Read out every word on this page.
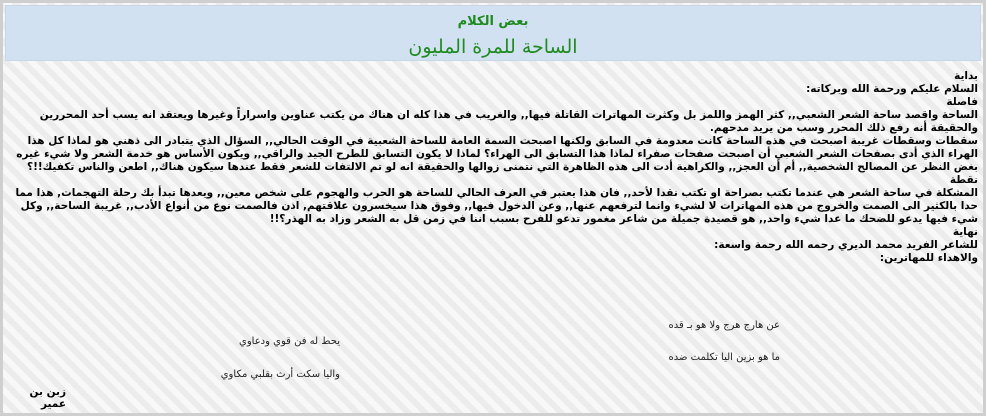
بعض الكلام
الساحة للمرة المليون

بداية

السلام عليكم ورحمة الله وبركاته:

فاصلة

الساحة واقصد ساحة الشعر الشعبي,, كثر الهمز واللمز بل وكثرت المهاترات القاتلة فيها,, والغريب في هذا كله ان هناك من يكتب عناوين واسراراً وغيرها ويعتقد انه يسب أحد المحررين والحقيقة أنه رفع ذلك المحرر وسب من يريد مدحهم.

سقطات وسقطات غريبة اصبحت في هذه الساحة كانت معدومة في السابق ولكنها اصبحت السمة العامة للساحة الشعبية في الوقت الحالي,, السؤال الذي يتبادر الى ذهني هو لماذا كل هذا الهراء الذي أدى بصفحات الشعر الشعبي أن اصبحت صفحات صفراء لماذا هذا التسابق الى الهراء؟ لماذا لا يكون التسابق للطرح الجيد والراقي,, ويكون الأساس هو خدمة الشعر ولا شيء غيره بغض النظر عن المصالح الشخصية,, أم أن العجز,, والكراهية أدت الى هذه الظاهرة التي نتمنى زوالها والحقيقة انه لو تم الالتفات للشعر فقط عندها سيكون هناك,, اطعن والناس تكفيك!!؟

نقطة

المشكلة في ساحة الشعر هي عندما تكتب بصراحة او تكتب نقدا لأحد,, فان هذا يعتبر في العرف الحالي للساحة هو الحرب والهجوم على شخص معين,, ويعدها تبدأ بك رحلة التهجمات, هذا مما حدا بالكثير الى الصمت والخروج من هذه المهاترات لا لشيء وانما لترفعهم عنها,, وعن الدخول فيها,, وفوق هذا سيخسرون علاقتهم, اذن فالصمت نوع من أنواع الأدب,, غريبة الساحة,, وكل شيء فيها يدعو للضحك ما عدا شيء واحد,, هو قصيدة جميلة من شاعر مغمور تدعو للفرح بسبب اننا في زمن قل به الشعر وزاد به الهذر؟!!

نهاية

للشاعر الفريد محمد الديري رحمه الله رحمة واسعة:

والاهداء للمهاترين:

عن هارج هرج ولا هو بـ قده
يحط له فن قوي ودعاوي
ما هو بزين اليا تكلمت ضده
واليا سكت أرث بقلبي مكاوي
زبن بن عمير
